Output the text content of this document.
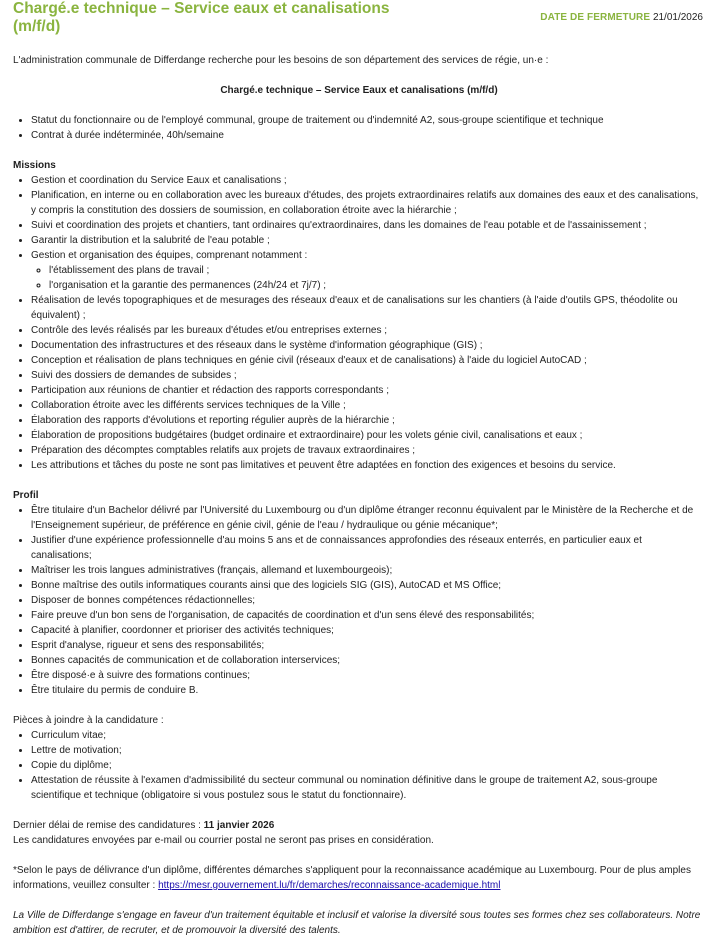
Chargé.e technique – Service eaux et canalisations (m/f/d)
DATE DE FERMETURE 21/01/2026

L'administration communale de Differdange recherche pour les besoins de son département des services de régie, un·e :

Chargé.e technique – Service Eaux et canalisations (m/f/d)

• Statut du fonctionnaire ou de l'employé communal, groupe de traitement ou d'indemnité A2, sous-groupe scientifique et technique
• Contrat à durée indéterminée, 40h/semaine
Missions
• Gestion et coordination du Service Eaux et canalisations ;
• Planification, en interne ou en collaboration avec les bureaux d'études, des projets extraordinaires relatifs aux domaines des eaux et des canalisations, y compris la constitution des dossiers de soumission, en collaboration étroite avec la hiérarchie ;
• Suivi et coordination des projets et chantiers, tant ordinaires qu'extraordinaires, dans les domaines de l'eau potable et de l'assainissement ;
• Garantir la distribution et la salubrité de l'eau potable ;
• Gestion et organisation des équipes, comprenant notamment :
◦ l'établissement des plans de travail ;
◦ l'organisation et la garantie des permanences (24h/24 et 7j/7) ;
• Réalisation de levés topographiques et de mesurages des réseaux d'eaux et de canalisations sur les chantiers (à l'aide d'outils GPS, théodolite ou équivalent) ;
• Contrôle des levés réalisés par les bureaux d'études et/ou entreprises externes ;
• Documentation des infrastructures et des réseaux dans le système d'information géographique (GIS) ;
• Conception et réalisation de plans techniques en génie civil (réseaux d'eaux et de canalisations) à l'aide du logiciel AutoCAD ;
• Suivi des dossiers de demandes de subsides ;
• Participation aux réunions de chantier et rédaction des rapports correspondants ;
• Collaboration étroite avec les différents services techniques de la Ville ;
• Élaboration des rapports d'évolutions et reporting régulier auprès de la hiérarchie ;
• Élaboration de propositions budgétaires (budget ordinaire et extraordinaire) pour les volets génie civil, canalisations et eaux ;
• Préparation des décomptes comptables relatifs aux projets de travaux extraordinaires ;
• Les attributions et tâches du poste ne sont pas limitatives et peuvent être adaptées en fonction des exigences et besoins du service.
Profil
• Être titulaire d'un Bachelor délivré par l'Université du Luxembourg ou d'un diplôme étranger reconnu équivalent par le Ministère de la Recherche et de l'Enseignement supérieur, de préférence en génie civil, génie de l'eau / hydraulique ou génie mécanique*;
• Justifier d'une expérience professionnelle d'au moins 5 ans et de connaissances approfondies des réseaux enterrés, en particulier eaux et canalisations;
• Maîtriser les trois langues administratives (français, allemand et luxembourgeois);
• Bonne maîtrise des outils informatiques courants ainsi que des logiciels SIG (GIS), AutoCAD et MS Office;
• Disposer de bonnes compétences rédactionnelles;
• Faire preuve d'un bon sens de l'organisation, de capacités de coordination et d'un sens élevé des responsabilités;
• Capacité à planifier, coordonner et prioriser des activités techniques;
• Esprit d'analyse, rigueur et sens des responsabilités;
• Bonnes capacités de communication et de collaboration interservices;
• Être disposé·e à suivre des formations continues;
• Être titulaire du permis de conduire B.

Pièces à joindre à la candidature :

• Curriculum vitae;
• Lettre de motivation;
• Copie du diplôme;
• Attestation de réussite à l'examen d'admissibilité du secteur communal ou nomination définitive dans le groupe de traitement A2, sous-groupe scientifique et technique (obligatoire si vous postulez sous le statut du fonctionnaire).

Dernier délai de remise des candidatures : 11 janvier 2026

Les candidatures envoyées par e-mail ou courrier postal ne seront pas prises en considération.

*Selon le pays de délivrance d'un diplôme, différentes démarches s'appliquent pour la reconnaissance académique au Luxembourg. Pour de plus amples informations, veuillez consulter : https://mesr.gouvernement.lu/fr/demarches/reconnaissance-academique.html

La Ville de Differdange s'engage en faveur d'un traitement équitable et inclusif et valorise la diversité sous toutes ses formes chez ses collaborateurs. Notre ambition est d'attirer, de recruter, et de promouvoir la diversité des talents.
